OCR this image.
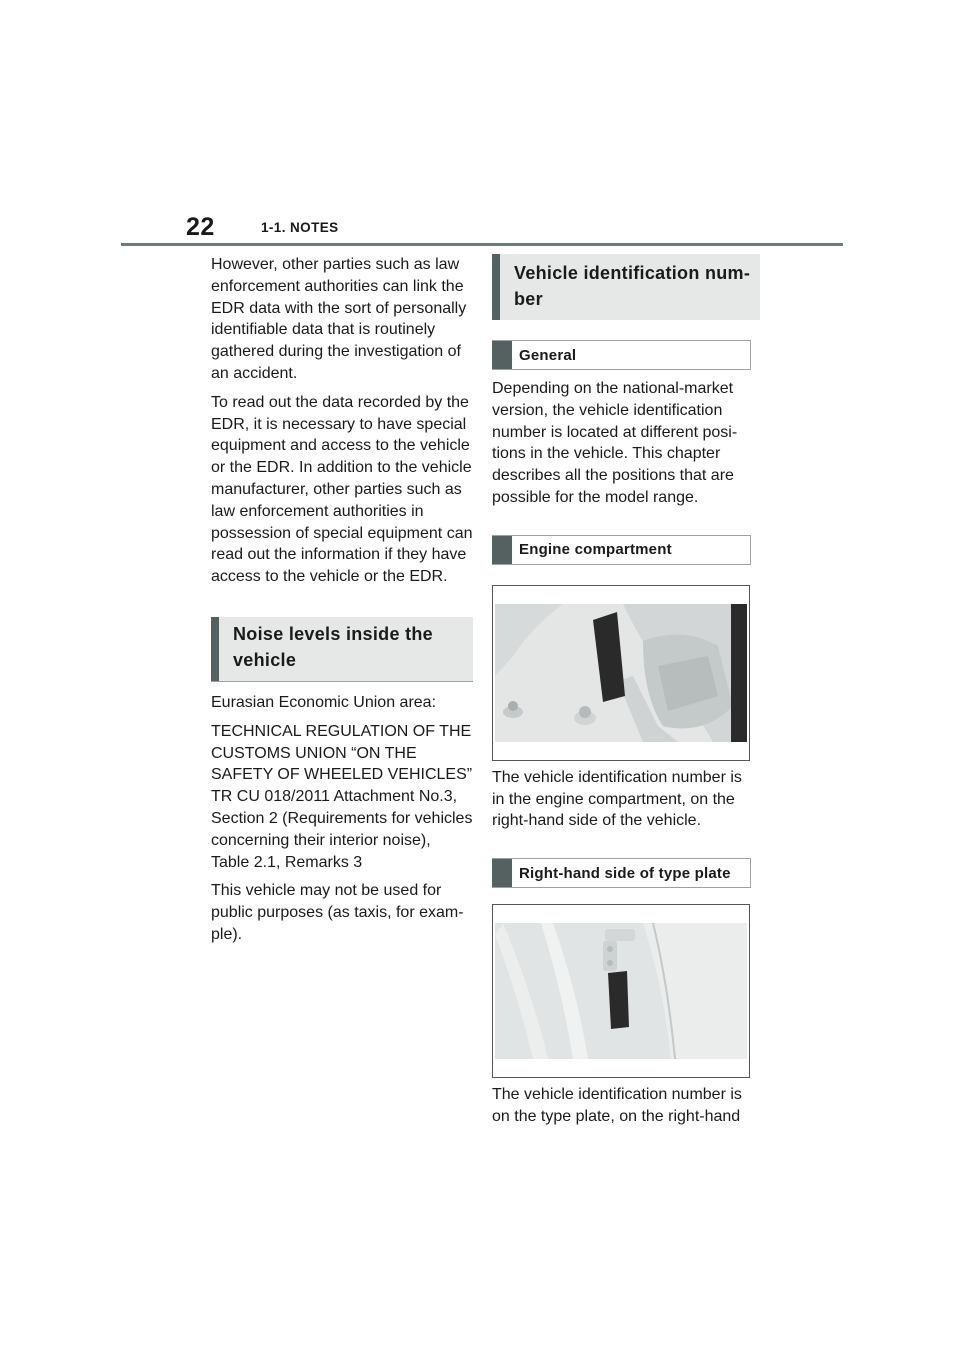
22	1-1. NOTES

However, other parties such as law enforcement authorities can link the EDR data with the sort of personally identifiable data that is routinely gathered during the investigation of an accident.

To read out the data recorded by the EDR, it is necessary to have special equipment and access to the vehicle or the EDR. In addition to the vehicle manufacturer, other parties such as law enforcement authorities in possession of special equipment can read out the information if they have access to the vehicle or the EDR.

Noise levels inside the vehicle

Eurasian Economic Union area:

TECHNICAL REGULATION OF THE CUSTOMS UNION “ON THE SAFETY OF WHEELED VEHICLES” TR CU 018/2011 Attachment No.3, Section 2 (Requirements for vehicles concerning their interior noise), Table 2.1, Remarks 3

This vehicle may not be used for public purposes (as taxis, for example).

Vehicle identification number
General

Depending on the national-market version, the vehicle identification number is located at different positions in the vehicle. This chapter describes all the positions that are possible for the model range.

Engine compartment

The vehicle identification number is in the engine compartment, on the right-hand side of the vehicle.

Right-hand side of type plate

The vehicle identification number is on the type plate, on the right-hand
